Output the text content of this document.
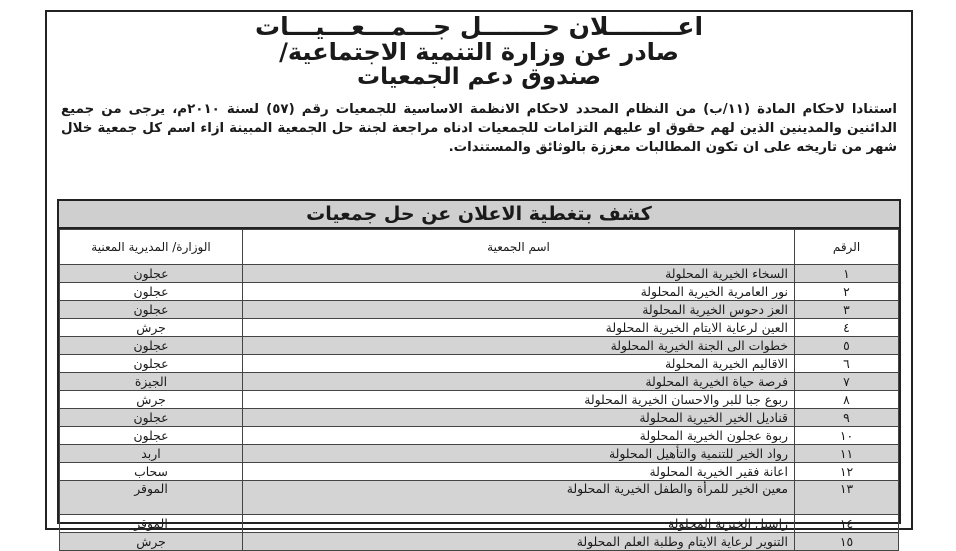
اعــــــــلان حـــــــل جـــمـــعـــيـــات
صادر عن وزارة التنمية الاجتماعية/
صندوق دعم الجمعيات

استنادا لاحكام المادة (١١/ب) من النظام المحدد لاحكام الانظمة الاساسية للجمعيات رقم (٥٧) لسنة ٢٠١٠م، يرجى من جميع الدائنين والمدينين الذين لهم حقوق او عليهم التزامات للجمعيات ادناه مراجعة لجنة حل الجمعية المبينة ازاء اسم كل جمعية خلال شهر من تاريخه على ان تكون المطالبات معززة بالوثائق والمستندات.

كشف بتغطية الاعلان عن حل جمعيات
الرقم	اسم الجمعية	الوزارة/ المديرية المعنية
١	السخاء الخيرية المحلولة	عجلون
٢	نور العامرية الخيرية المحلولة	عجلون
٣	العز دحوس الخيرية المحلولة	عجلون
٤	العين لرعاية الايتام الخيرية المحلولة	جرش
٥	خطوات الى الجنة الخيرية المحلولة	عجلون
٦	الاقاليم الخيرية المحلولة	عجلون
٧	فرصة حياة الخيرية المحلولة	الجيزة
٨	ربوع جبا للبر والاحسان الخيرية المحلولة	جرش
٩	قناديل الخير الخيرية المحلولة	عجلون
١٠	ربوة عجلون الخيرية المحلولة	عجلون
١١	رواد الخير للتنمية والتأهيل المحلولة	اربد
١٢	اعانة فقير الخيرية المحلولة	سحاب
١٣	معين الخير للمرأة والطفل الخيرية المحلولة	الموقر
١٤	راسيل الخيرية المحلولة	الموقر
١٥	التنوير لرعاية الايتام وطلبة العلم المحلولة	جرش
